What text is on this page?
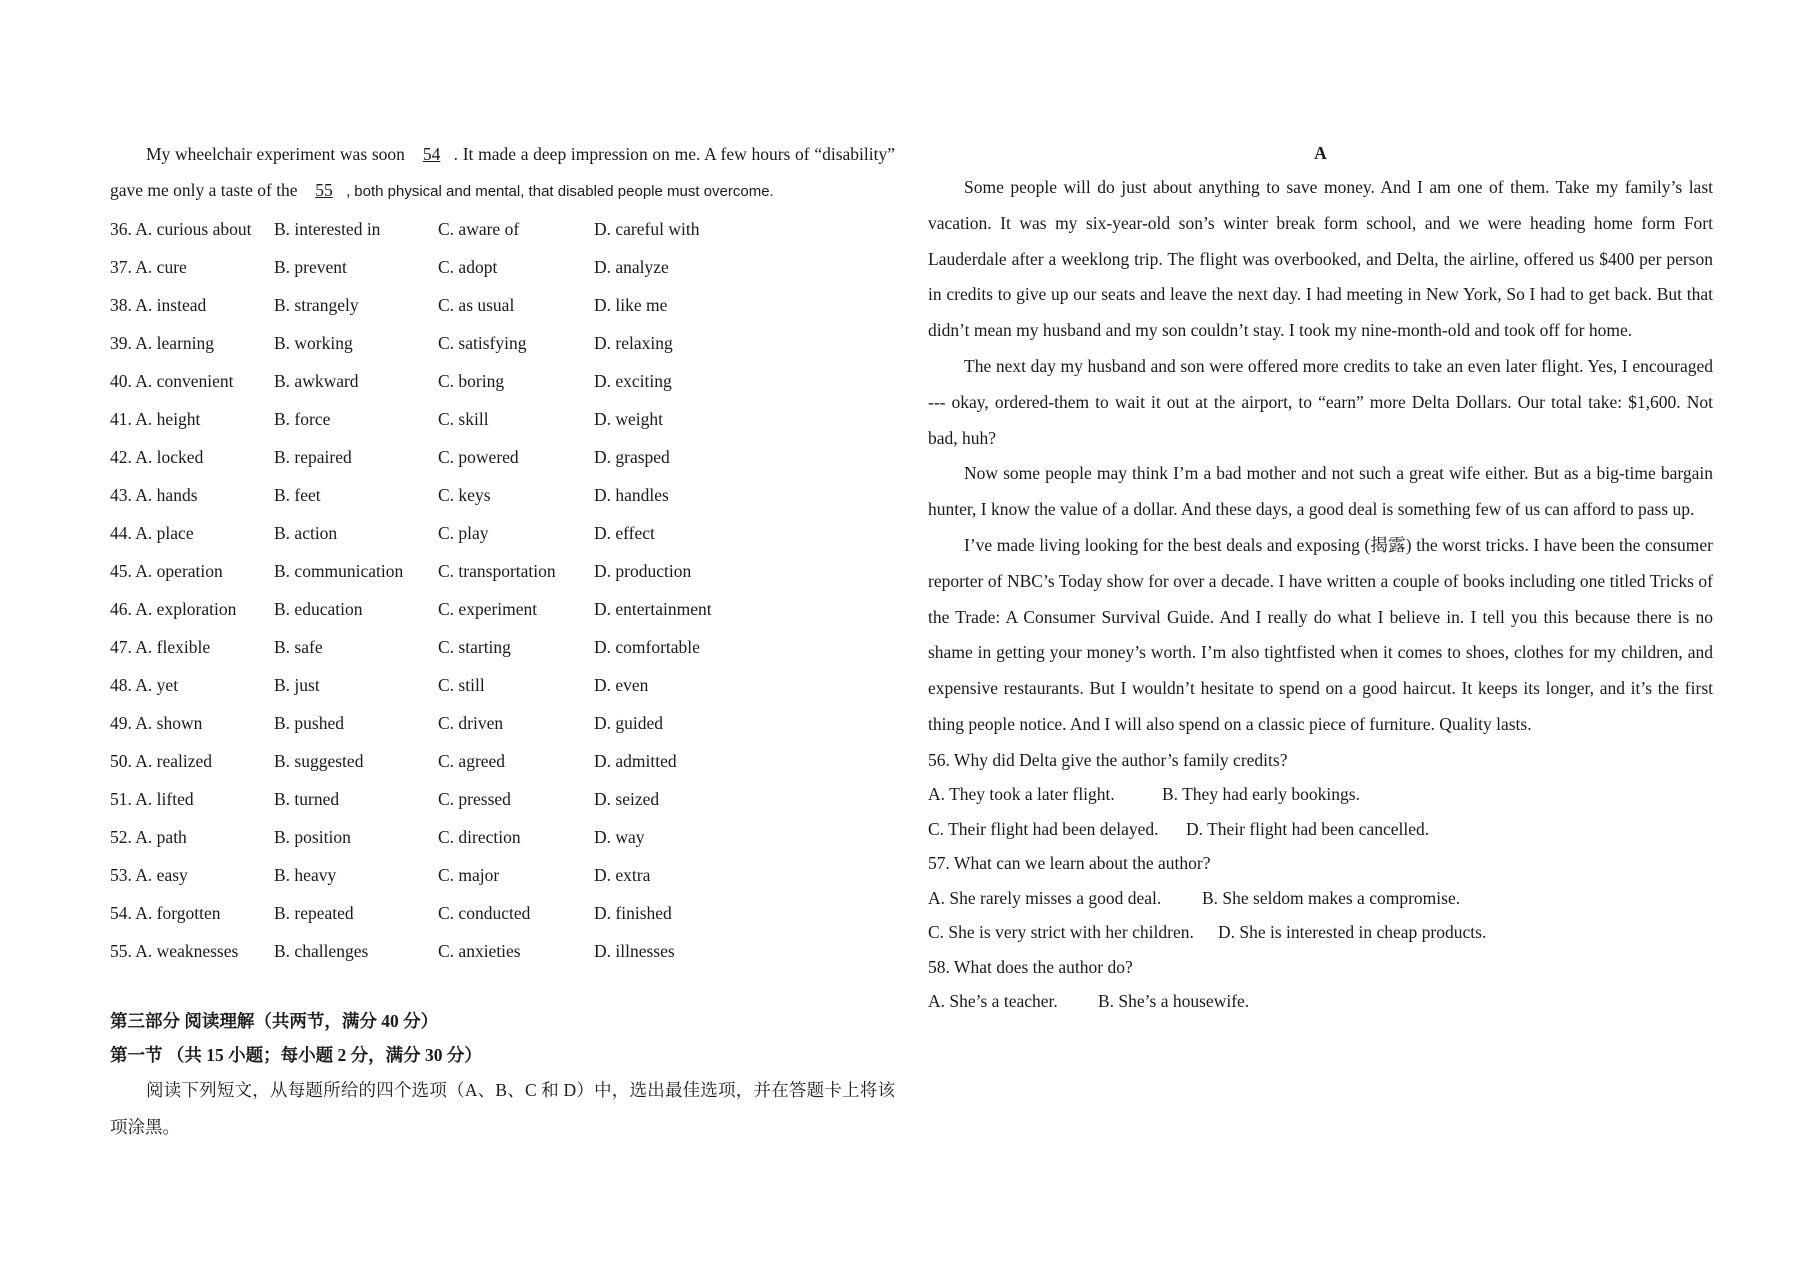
My wheelchair experiment was soon 54 . It made a deep impression on me. A few hours of “disability” gave me only a taste of the 55 , both physical and mental, that disabled people must overcome.

36. A. curious about	B. interested in	C. aware of	D. careful with
37. A. cure	B. prevent	C. adopt	D. analyze
38. A. instead	B. strangely	C. as usual	D. like me
39. A. learning	B. working	C. satisfying	D. relaxing
40. A. convenient	B. awkward	C. boring	D. exciting
41. A. height	B. force	C. skill	D. weight
42. A. locked	B. repaired	C. powered	D. grasped
43. A. hands	B. feet	C. keys	D. handles
44. A. place	B. action	C. play	D. effect
45. A. operation	B. communication	C. transportation	D. production
46. A. exploration	B. education	C. experiment	D. entertainment
47. A. flexible	B. safe	C. starting	D. comfortable
48. A. yet	B. just	C. still	D. even
49. A. shown	B. pushed	C. driven	D. guided
50. A. realized	B. suggested	C. agreed	D. admitted
51. A. lifted	B. turned	C. pressed	D. seized
52. A. path	B. position	C. direction	D. way
53. A. easy	B. heavy	C. major	D. extra
54. A. forgotten	B. repeated	C. conducted	D. finished
55. A. weaknesses	B. challenges	C. anxieties	D. illnesses

第三部分 阅读理解（共两节，满分 40 分）

第一节 （共 15 小题；每小题 2 分，满分 30 分）

阅读下列短文，从每题所给的四个选项（A、B、C 和 D）中，选出最佳选项，并在答题卡上将该项涂黑。

A

Some people will do just about anything to save money. And I am one of them. Take my family’s last vacation. It was my six-year-old son’s winter break form school, and we were heading home form Fort Lauderdale after a weeklong trip. The flight was overbooked, and Delta, the airline, offered us $400 per person in credits to give up our seats and leave the next day. I had meeting in New York, So I had to get back. But that didn’t mean my husband and my son couldn’t stay. I took my nine-month-old and took off for home.

The next day my husband and son were offered more credits to take an even later flight. Yes, I encouraged --- okay, ordered-them to wait it out at the airport, to “earn” more Delta Dollars. Our total take: $1,600. Not bad, huh?

Now some people may think I’m a bad mother and not such a great wife either. But as a big-time bargain hunter, I know the value of a dollar. And these days, a good deal is something few of us can afford to pass up.

I’ve made living looking for the best deals and exposing (揭露) the worst tricks. I have been the consumer reporter of NBC’s Today show for over a decade. I have written a couple of books including one titled Tricks of the Trade: A Consumer Survival Guide. And I really do what I believe in. I tell you this because there is no shame in getting your money’s worth. I’m also tightfisted when it comes to shoes, clothes for my children, and expensive restaurants. But I wouldn’t hesitate to spend on a good haircut. It keeps its longer, and it’s the first thing people notice. And I will also spend on a classic piece of furniture. Quality lasts.

56. Why did Delta give the author’s family credits?

A. They took a later flight.	B. They had early bookings.
C. Their flight had been delayed.	D. Their flight had been cancelled.

57. What can we learn about the author?

A. She rarely misses a good deal.	B. She seldom makes a compromise.
C. She is very strict with her children.	D. She is interested in cheap products.

58. What does the author do?

A. She’s a teacher.	B. She’s a housewife.
